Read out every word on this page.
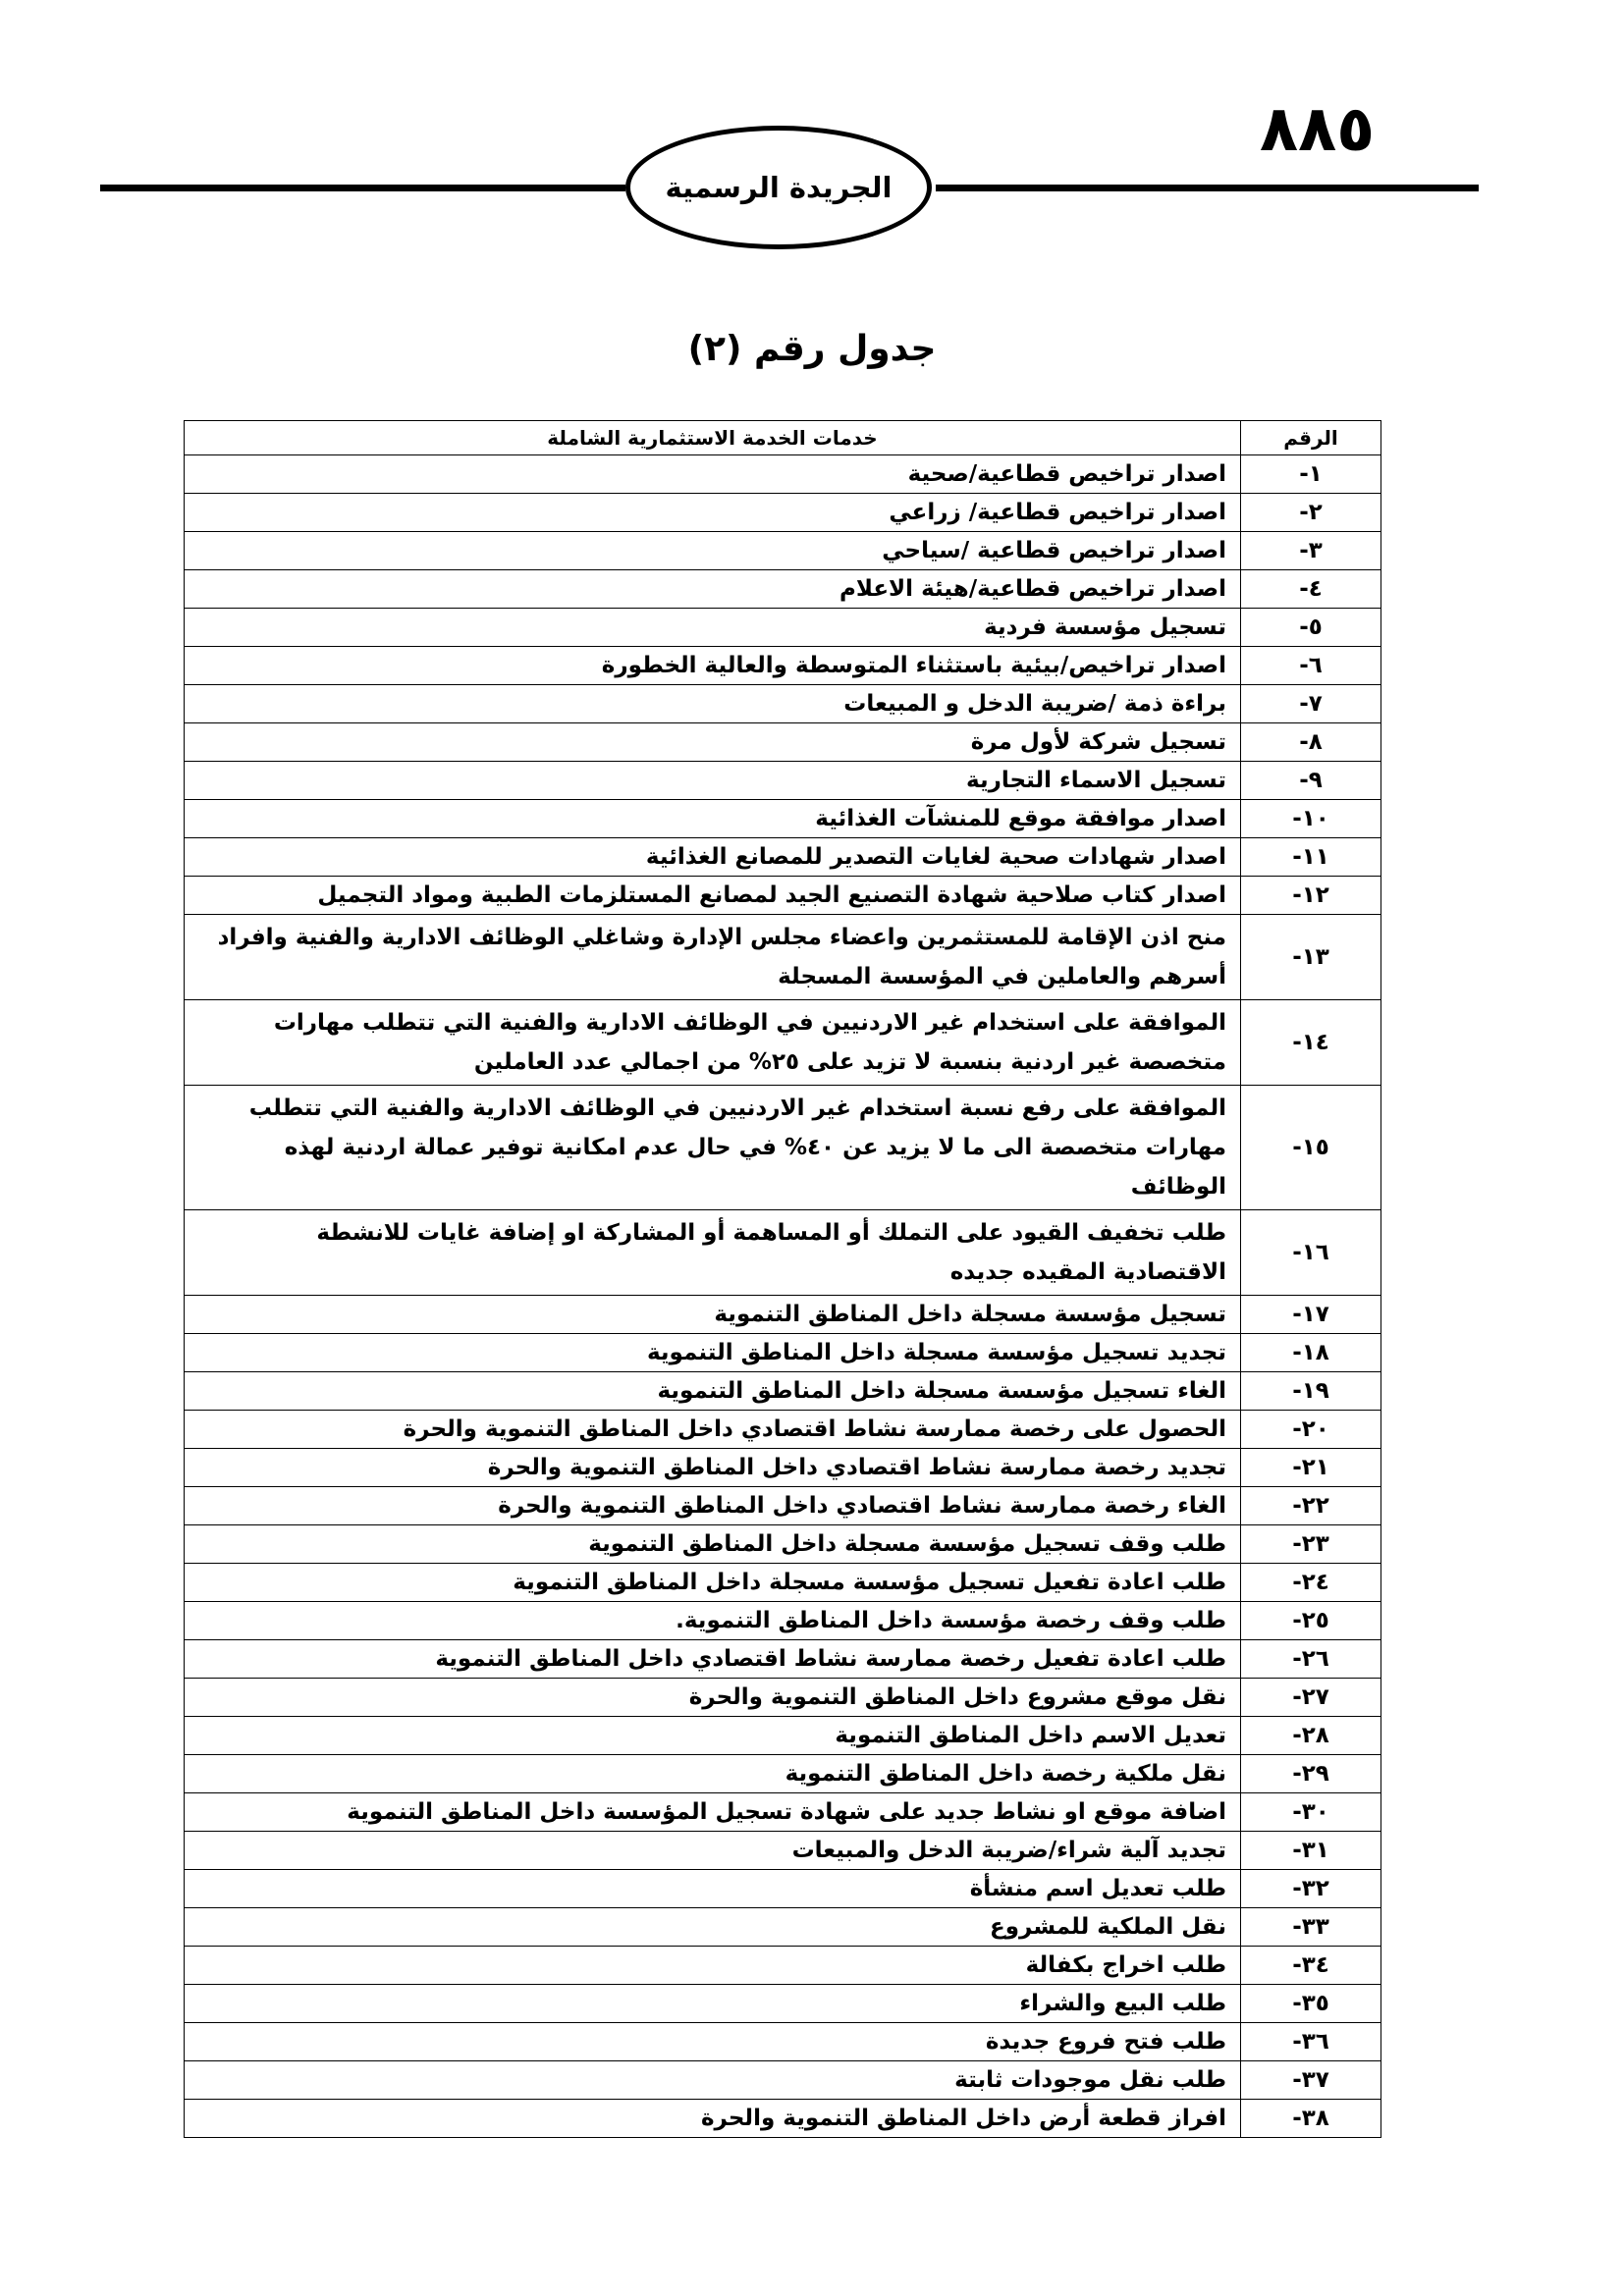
٨٨٥
الجريدة الرسمية
جدول رقم (٢)
الرقم	خدمات الخدمة الاستثمارية الشاملة
١-	اصدار تراخيص قطاعية/صحية
٢-	اصدار تراخيص قطاعية/ زراعي
٣-	اصدار تراخيص قطاعية /سياحي
٤-	اصدار تراخيص قطاعية/هيئة الاعلام
٥-	تسجيل مؤسسة فردية
٦-	اصدار تراخيص/بيئية باستثناء المتوسطة والعالية الخطورة
٧-	براءة ذمة /ضريبة الدخل و المبيعات
٨-	تسجيل شركة لأول مرة
٩-	تسجيل الاسماء التجارية
١٠-	اصدار موافقة موقع للمنشآت الغذائية
١١-	اصدار شهادات صحية لغايات التصدير للمصانع الغذائية
١٢-	اصدار كتاب صلاحية شهادة التصنيع الجيد لمصانع المستلزمات الطبية ومواد التجميل
١٣-	منح اذن الإقامة للمستثمرين واعضاء مجلس الإدارة وشاغلي الوظائف الادارية والفنية وافراد أسرهم والعاملين في المؤسسة المسجلة
١٤-	الموافقة على استخدام غير الاردنيين في الوظائف الادارية والفنية التي تتطلب مهارات متخصصة غير اردنية بنسبة لا تزيد على ٢٥% من اجمالي عدد العاملين
١٥-	الموافقة على رفع نسبة استخدام غير الاردنيين في الوظائف الادارية والفنية التي تتطلب مهارات متخصصة الى ما لا يزيد عن ٤٠% في حال عدم امكانية توفير عمالة اردنية لهذه الوظائف
١٦-	طلب تخفيف القيود على التملك أو المساهمة أو المشاركة او إضافة غايات للانشطة الاقتصادية المقيده جديده
١٧-	تسجيل مؤسسة مسجلة داخل المناطق التنموية
١٨-	تجديد تسجيل مؤسسة مسجلة داخل المناطق التنموية
١٩-	الغاء تسجيل مؤسسة مسجلة داخل المناطق التنموية
٢٠-	الحصول على رخصة ممارسة نشاط اقتصادي داخل المناطق التنموية والحرة
٢١-	تجديد رخصة ممارسة نشاط اقتصادي داخل المناطق التنموية والحرة
٢٢-	الغاء رخصة ممارسة نشاط اقتصادي داخل المناطق التنموية والحرة
٢٣-	طلب وقف تسجيل مؤسسة مسجلة داخل المناطق التنموية
٢٤-	طلب اعادة تفعيل تسجيل مؤسسة مسجلة داخل المناطق التنموية
٢٥-	طلب وقف رخصة مؤسسة داخل المناطق التنموية.
٢٦-	طلب اعادة تفعيل رخصة ممارسة نشاط اقتصادي داخل المناطق التنموية
٢٧-	نقل موقع مشروع داخل المناطق التنموية والحرة
٢٨-	تعديل الاسم داخل المناطق التنموية
٢٩-	نقل ملكية رخصة داخل المناطق التنموية
٣٠-	اضافة موقع او نشاط جديد على شهادة تسجيل المؤسسة داخل المناطق التنموية
٣١-	تجديد آلية شراء/ضريبة الدخل والمبيعات
٣٢-	طلب تعديل اسم منشأة
٣٣-	نقل الملكية للمشروع
٣٤-	طلب اخراج بكفالة
٣٥-	طلب البيع والشراء
٣٦-	طلب فتح فروع جديدة
٣٧-	طلب نقل موجودات ثابتة
٣٨-	افراز قطعة أرض داخل المناطق التنموية والحرة
